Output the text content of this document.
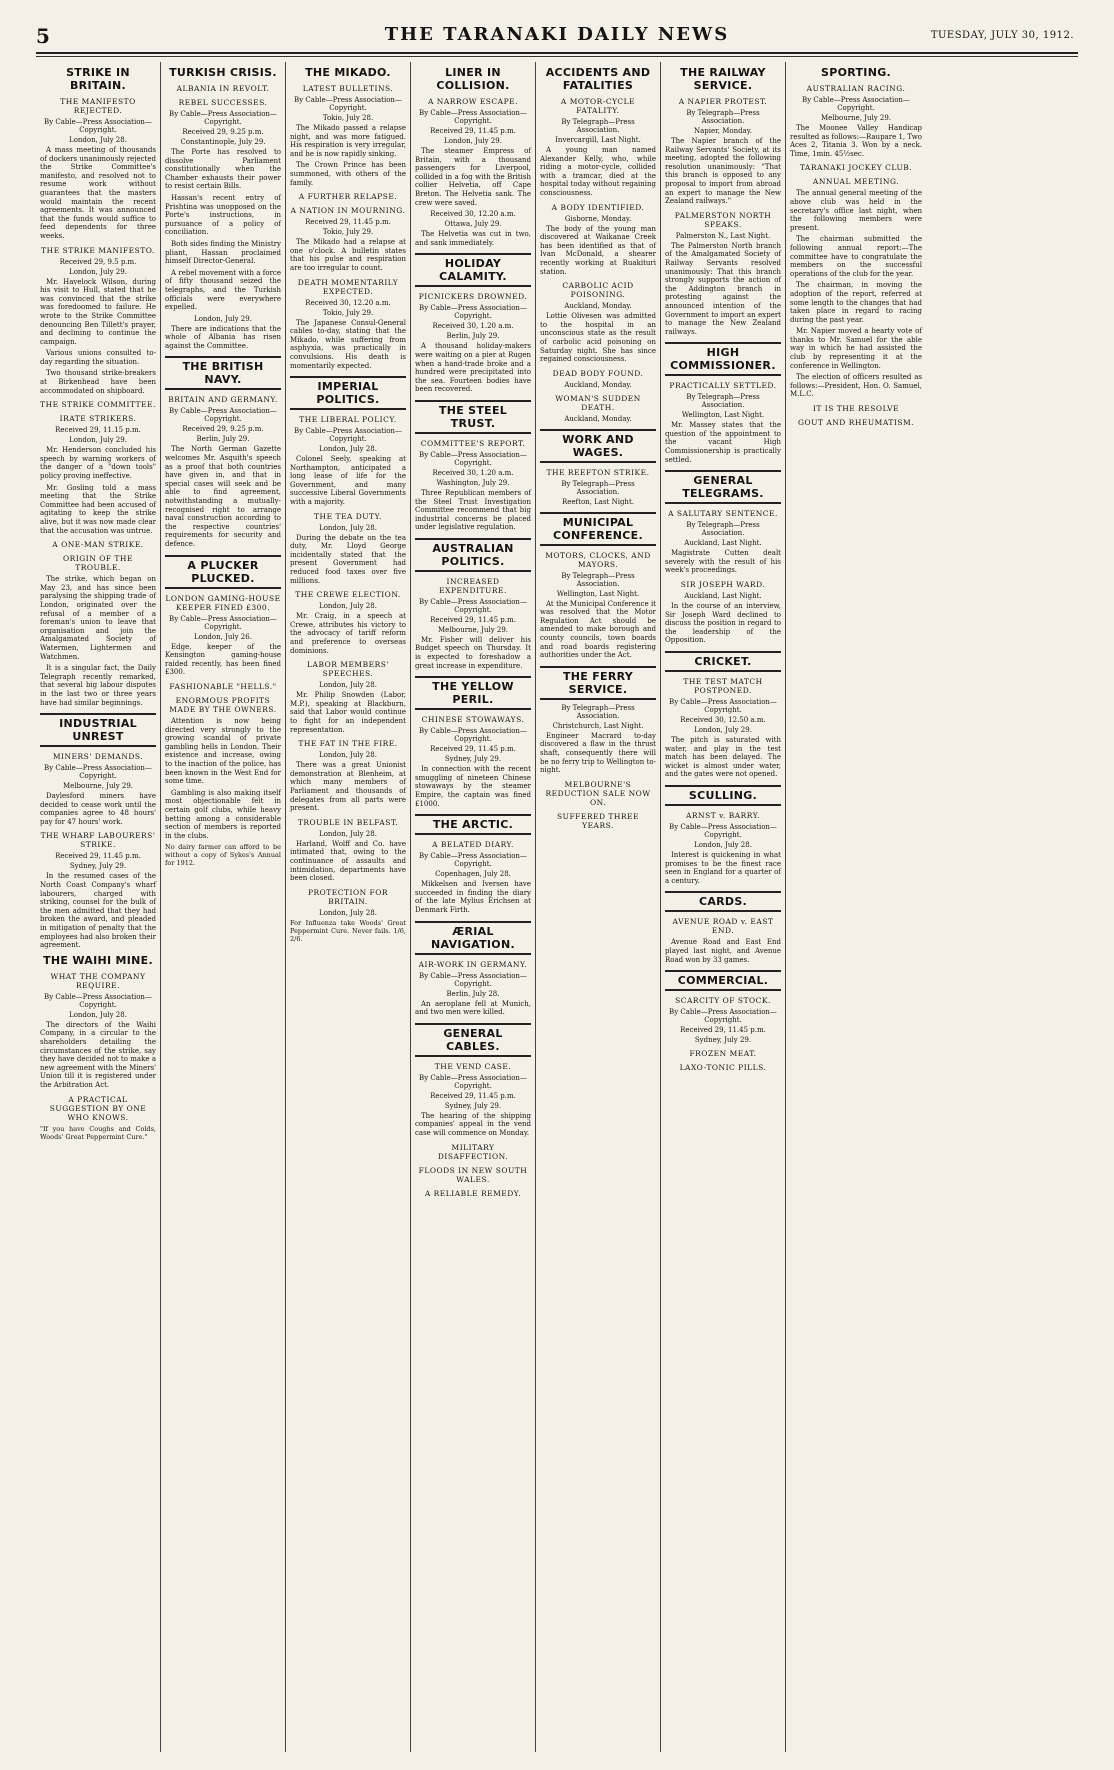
5	THE TARANAKI DAILY NEWS	TUESDAY, JULY 30, 1912.
STRIKE IN BRITAIN.
THE MANIFESTO REJECTED.
By Cable—Press Association—Copyright.
London, July 28.
A mass meeting of thousands of dockers unanimously rejected the Strike Committee's manifesto, and resolved not to resume work without guarantees that the masters would maintain the recent agreements. It was announced that the funds would suffice to feed dependents for three weeks.
THE STRIKE MANIFESTO.
Received 29, 9.5 p.m.
London, July 29.
Mr. Havelock Wilson, during his visit to Hull, stated that he was convinced that the strike was foredoomed to failure. He wrote to the Strike Committee denouncing Ben Tillett's prayer, and declining to continue the campaign.
Various unions consulted to-day regarding the situation.
Two thousand strike-breakers at Birkenhead have been accommodated on shipboard.
THE STRIKE COMMITTEE.
IRATE STRIKERS.
Received 29, 11.15 p.m.
London, July 29.
Mr. Henderson concluded his speech by warning workers of the danger of a "down tools" policy proving ineffective.
Mr. Gosling told a mass meeting that the Strike Committee had been accused of agitating to keep the strike alive, but it was now made clear that the accusation was untrue.
A ONE-MAN STRIKE.
ORIGIN OF THE TROUBLE.
The strike, which began on May 23, and has since been paralysing the shipping trade of London, originated over the refusal of a member of a foreman's union to leave that organisation and join the Amalgamated Society of Watermen, Lightermen and Watchmen.
It is a singular fact, the Daily Telegraph recently remarked, that several big labour disputes in the last two or three years have had similar beginnings.
INDUSTRIAL UNREST
MINERS' DEMANDS.
By Cable—Press Association—Copyright.
Melbourne, July 29.
Daylesford miners have decided to cease work until the companies agree to 48 hours' pay for 47 hours' work.
THE WHARF LABOURERS' STRIKE.
Received 29, 11.45 p.m.
Sydney, July 29.
In the resumed cases of the North Coast Company's wharf labourers, charged with striking, counsel for the bulk of the men admitted that they had broken the award, and pleaded in mitigation of penalty that the employees had also broken their agreement.
THE WAIHI MINE.
WHAT THE COMPANY REQUIRE.
By Cable—Press Association—Copyright.
London, July 28.
The directors of the Waihi Company, in a circular to the shareholders detailing the circumstances of the strike, say they have decided not to make a new agreement with the Miners' Union till it is registered under the Arbitration Act.
A PRACTICAL SUGGESTION BY ONE WHO KNOWS.
"If you have Coughs and Colds, Woods' Great Peppermint Cure."
TURKISH CRISIS.
ALBANIA IN REVOLT.
REBEL SUCCESSES.
By Cable—Press Association—Copyright.
Received 29, 9.25 p.m.
Constantinople, July 29.
The Porte has resolved to dissolve Parliament constitutionally when the Chamber exhausts their power to resist certain Bills.
Hassan's recent entry of Prishtina was unopposed on the Porte's instructions, in pursuance of a policy of conciliation.
Both sides finding the Ministry pliant, Hassan proclaimed himself Director-General.
A rebel movement with a force of fifty thousand seized the telegraphs, and the Turkish officials were everywhere expelled.
London, July 29.
There are indications that the whole of Albania has risen against the Committee.
THE BRITISH NAVY.
BRITAIN AND GERMANY.
By Cable—Press Association—Copyright.
Received 29, 9.25 p.m.
Berlin, July 29.
The North German Gazette welcomes Mr. Asquith's speech as a proof that both countries have given in, and that in special cases will seek and be able to find agreement, notwithstanding a mutually-recognised right to arrange naval construction according to the respective countries' requirements for security and defence.
A PLUCKER PLUCKED.
LONDON GAMING-HOUSE KEEPER FINED £300.
By Cable—Press Association—Copyright.
London, July 26.
Edge, keeper of the Kensington gaming-house raided recently, has been fined £300.
FASHIONABLE "HELLS."
ENORMOUS PROFITS MADE BY THE OWNERS.
Attention is now being directed very strongly to the growing scandal of private gambling hells in London. Their existence and increase, owing to the inaction of the police, has been known in the West End for some time.
Gambling is also making itself most objectionable felt in certain golf clubs, while heavy betting among a considerable section of members is reported in the clubs.
No dairy farmer can afford to be without a copy of Sykes's Annual for 1912.
THE MIKADO.
LATEST BULLETINS.
By Cable—Press Association—Copyright.
Tokio, July 28.
The Mikado passed a relapse night, and was more fatigued. His respiration is very irregular, and he is now rapidly sinking.
The Crown Prince has been summoned, with others of the family.
A FURTHER RELAPSE.
A NATION IN MOURNING.
Received 29, 11.45 p.m.
Tokio, July 29.
The Mikado had a relapse at one o'clock. A bulletin states that his pulse and respiration are too irregular to count.
DEATH MOMENTARILY EXPECTED.
Received 30, 12.20 a.m.
Tokio, July 29.
The Japanese Consul-General cables to-day, stating that the Mikado, while suffering from asphyxia, was practically in convulsions. His death is momentarily expected.
IMPERIAL POLITICS.
THE LIBERAL POLICY.
By Cable—Press Association—Copyright.
London, July 28.
Colonel Seely, speaking at Northampton, anticipated a long lease of life for the Government, and many successive Liberal Governments with a majority.
THE TEA DUTY.
London, July 28.
During the debate on the tea duty, Mr. Lloyd George incidentally stated that the present Government had reduced food taxes over five millions.
THE CREWE ELECTION.
London, July 28.
Mr. Craig, in a speech at Crewe, attributes his victory to the advocacy of tariff reform and preference to overseas dominions.
LABOR MEMBERS' SPEECHES.
London, July 28.
Mr. Philip Snowden (Labor, M.P.), speaking at Blackburn, said that Labor would continue to fight for an independent representation.
THE FAT IN THE FIRE.
London, July 28.
There was a great Unionist demonstration at Blenheim, at which many members of Parliament and thousands of delegates from all parts were present.
TROUBLE IN BELFAST.
London, July 28.
Harland, Wolff and Co. have intimated that, owing to the continuance of assaults and intimidation, departments have been closed.
PROTECTION FOR BRITAIN.
London, July 28.
For Influenza take Woods' Great Peppermint Cure. Never fails. 1/6, 2/6.
LINER IN COLLISION.
A NARROW ESCAPE.
By Cable—Press Association—Copyright.
Received 29, 11.45 p.m.
London, July 29.
The steamer Empress of Britain, with a thousand passengers for Liverpool, collided in a fog with the British collier Helvetia, off Cape Breton. The Helvetia sank. The crew were saved.
Received 30, 12.20 a.m.
Ottawa, July 29.
The Helvetia was cut in two, and sank immediately.
HOLIDAY CALAMITY.
PICNICKERS DROWNED.
By Cable—Press Association—Copyright.
Received 30, 1.20 a.m.
Berlin, July 29.
A thousand holiday-makers were waiting on a pier at Rugen when a hand-trade broke and a hundred were precipitated into the sea. Fourteen bodies have been recovered.
THE STEEL TRUST.
COMMITTEE'S REPORT.
By Cable—Press Association—Copyright.
Received 30, 1.20 a.m.
Washington, July 29.
Three Republican members of the Steel Trust Investigation Committee recommend that big industrial concerns be placed under legislative regulation.
AUSTRALIAN POLITICS.
INCREASED EXPENDITURE.
By Cable—Press Association—Copyright.
Received 29, 11.45 p.m.
Melbourne, July 29.
Mr. Fisher will deliver his Budget speech on Thursday. It is expected to foreshadow a great increase in expenditure.
THE YELLOW PERIL.
CHINESE STOWAWAYS.
By Cable—Press Association—Copyright.
Received 29, 11.45 p.m.
Sydney, July 29.
In connection with the recent smuggling of nineteen Chinese stowaways by the steamer Empire, the captain was fined £1000.
THE ARCTIC.
A BELATED DIARY.
By Cable—Press Association—Copyright.
Copenhagen, July 28.
Mikkelsen and Iversen have succeeded in finding the diary of the late Mylius Erichsen at Denmark Firth.
ÆRIAL NAVIGATION.
AIR-WORK IN GERMANY.
By Cable—Press Association—Copyright.
Berlin, July 28.
An aeroplane fell at Munich, and two men were killed.
GENERAL CABLES.
THE VEND CASE.
By Cable—Press Association—Copyright.
Received 29, 11.45 p.m.
Sydney, July 29.
The hearing of the shipping companies' appeal in the vend case will commence on Monday.
MILITARY DISAFFECTION.
FLOODS IN NEW SOUTH WALES.
A RELIABLE REMEDY.
ACCIDENTS AND FATALITIES
A MOTOR-CYCLE FATALITY.
By Telegraph—Press Association.
Invercargill, Last Night.
A young man named Alexander Kelly, who, while riding a motor-cycle, collided with a tramcar, died at the hospital today without regaining consciousness.
A BODY IDENTIFIED.
Gisborne, Monday.
The body of the young man discovered at Waikanae Creek has been identified as that of Ivan McDonald, a shearer recently working at Ruakituri station.
CARBOLIC ACID POISONING.
Auckland, Monday.
Lottie Olivesen was admitted to the hospital in an unconscious state as the result of carbolic acid poisoning on Saturday night. She has since regained consciousness.
DEAD BODY FOUND.
Auckland, Monday.
WOMAN'S SUDDEN DEATH.
Auckland, Monday.
WORK AND WAGES.
THE REEFTON STRIKE.
By Telegraph—Press Association.
Reefton, Last Night.
MUNICIPAL CONFERENCE.
MOTORS, CLOCKS, AND MAYORS.
By Telegraph—Press Association.
Wellington, Last Night.
At the Municipal Conference it was resolved that the Motor Regulation Act should be amended to make borough and county councils, town boards and road boards registering authorities under the Act.
THE FERRY SERVICE.
By Telegraph—Press Association.
Christchurch, Last Night.
Engineer Macrard to-day discovered a flaw in the thrust shaft, consequently there will be no ferry trip to Wellington to-night.
MELBOURNE'S REDUCTION SALE NOW ON.
SUFFERED THREE YEARS.
THE RAILWAY SERVICE.
A NAPIER PROTEST.
By Telegraph—Press Association.
Napier, Monday.
The Napier branch of the Railway Servants' Society, at its meeting, adopted the following resolution unanimously: "That this branch is opposed to any proposal to import from abroad an expert to manage the New Zealand railways."
PALMERSTON NORTH SPEAKS.
Palmerston N., Last Night.
The Palmerston North branch of the Amalgamated Society of Railway Servants resolved unanimously: That this branch strongly supports the action of the Addington branch in protesting against the announced intention of the Government to import an expert to manage the New Zealand railways.
HIGH COMMISSIONER.
PRACTICALLY SETTLED.
By Telegraph—Press Association.
Wellington, Last Night.
Mr. Massey states that the question of the appointment to the vacant High Commissionership is practically settled.
GENERAL TELEGRAMS.
A SALUTARY SENTENCE.
By Telegraph—Press Association.
Auckland, Last Night.
Magistrate Cutten dealt severely with the result of his week's proceedings.
SIR JOSEPH WARD.
Auckland, Last Night.
In the course of an interview, Sir Joseph Ward declined to discuss the position in regard to the leadership of the Opposition.
CRICKET.
THE TEST MATCH POSTPONED.
By Cable—Press Association—Copyright.
Received 30, 12.50 a.m.
London, July 29.
The pitch is saturated with water, and play in the test match has been delayed. The wicket is almost under water, and the gates were not opened.
SCULLING.
ARNST v. BARRY.
By Cable—Press Association—Copyright.
London, July 28.
Interest is quickening in what promises to be the finest race seen in England for a quarter of a century.
CARDS.
AVENUE ROAD v. EAST END.
Avenue Road and East End played last night, and Avenue Road won by 33 games.
COMMERCIAL.
SCARCITY OF STOCK.
By Cable—Press Association—Copyright.
Received 29, 11.45 p.m.
Sydney, July 29.
FROZEN MEAT.
LAXO-TONIC PILLS.
SPORTING.
AUSTRALIAN RACING.
By Cable—Press Association—Copyright.
Melbourne, July 29.
The Moonee Valley Handicap resulted as follows:—Raupare 1, Two Aces 2, Titania 3. Won by a neck. Time, 1min. 45½sec.
TARANAKI JOCKEY CLUB.
ANNUAL MEETING.
The annual general meeting of the above club was held in the secretary's office last night, when the following members were present.
The chairman submitted the following annual report:—The committee have to congratulate the members on the successful operations of the club for the year.
The chairman, in moving the adoption of the report, referred at some length to the changes that had taken place in regard to racing during the past year.
Mr. Napier moved a hearty vote of thanks to Mr. Samuel for the able way in which he had assisted the club by representing it at the conference in Wellington.
The election of officers resulted as follows:—President, Hon. O. Samuel, M.L.C.
IT IS THE RESOLVE
GOUT AND RHEUMATISM.
